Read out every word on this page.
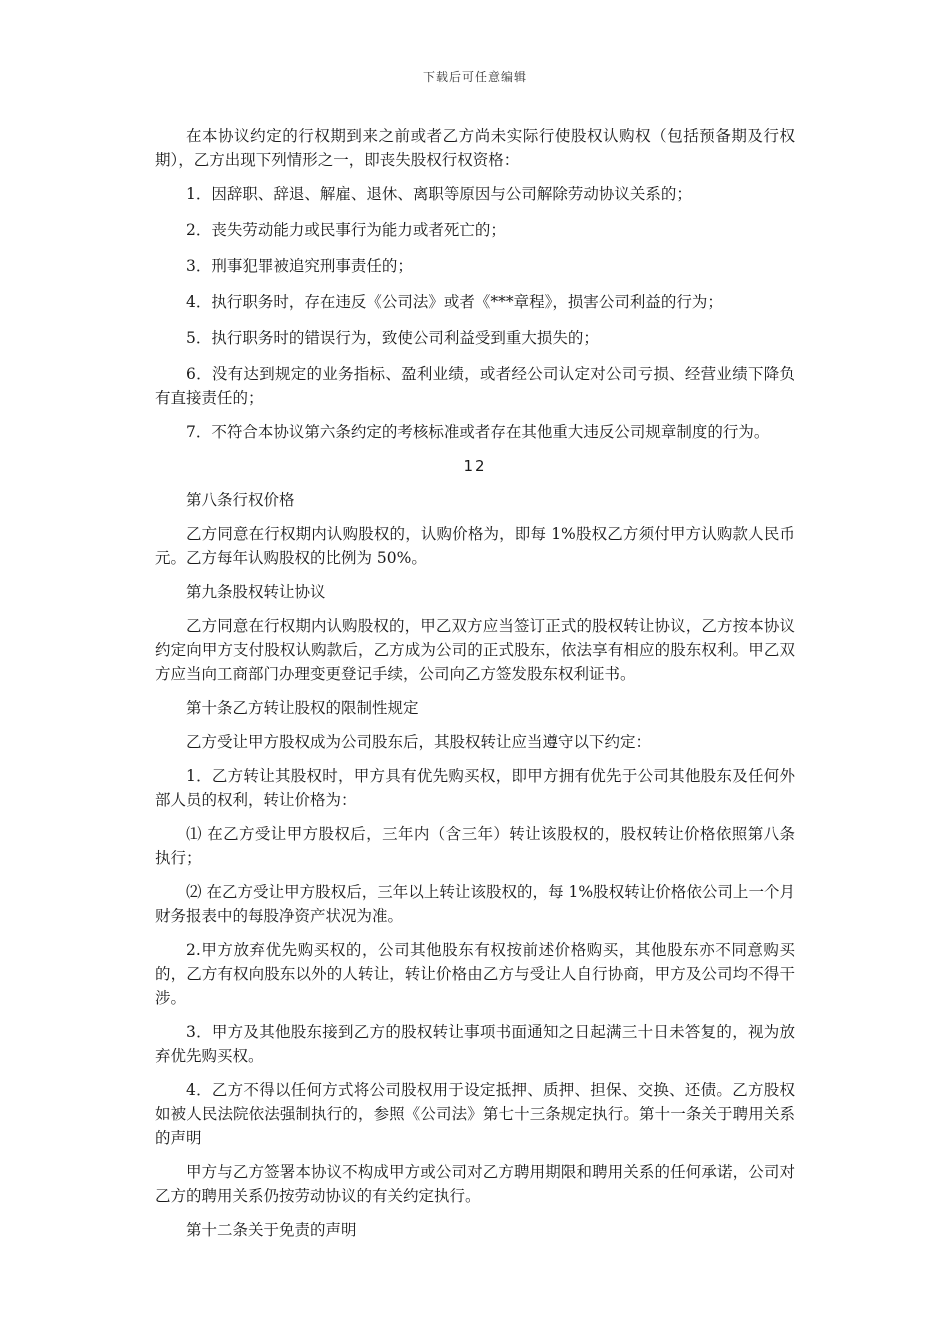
下载后可任意编辑

在本协议约定的行权期到来之前或者乙方尚未实际行使股权认购权（包括预备期及行权期），乙方出现下列情形之一，即丧失股权行权资格：

1．因辞职、辞退、解雇、退休、离职等原因与公司解除劳动协议关系的；

2．丧失劳动能力或民事行为能力或者死亡的；

3．刑事犯罪被追究刑事责任的；

4．执行职务时，存在违反《公司法》或者《***章程》，损害公司利益的行为；

5．执行职务时的错误行为，致使公司利益受到重大损失的；

6．没有达到规定的业务指标、盈利业绩，或者经公司认定对公司亏损、经营业绩下降负有直接责任的；

7．不符合本协议第六条约定的考核标准或者存在其他重大违反公司规章制度的行为。

12

第八条行权价格

乙方同意在行权期内认购股权的，认购价格为，即每 1%股权乙方须付甲方认购款人民币元。乙方每年认购股权的比例为 50%。

第九条股权转让协议

乙方同意在行权期内认购股权的，甲乙双方应当签订正式的股权转让协议，乙方按本协议约定向甲方支付股权认购款后，乙方成为公司的正式股东，依法享有相应的股东权利。甲乙双方应当向工商部门办理变更登记手续，公司向乙方签发股东权利证书。

第十条乙方转让股权的限制性规定

乙方受让甲方股权成为公司股东后，其股权转让应当遵守以下约定：

1．乙方转让其股权时，甲方具有优先购买权，即甲方拥有优先于公司其他股东及任何外部人员的权利，转让价格为：

⑴ 在乙方受让甲方股权后，三年内（含三年）转让该股权的，股权转让价格依照第八条执行；

⑵ 在乙方受让甲方股权后，三年以上转让该股权的，每 1%股权转让价格依公司上一个月财务报表中的每股净资产状况为准。

2.甲方放弃优先购买权的，公司其他股东有权按前述价格购买，其他股东亦不同意购买的，乙方有权向股东以外的人转让，转让价格由乙方与受让人自行协商，甲方及公司均不得干涉。

3．甲方及其他股东接到乙方的股权转让事项书面通知之日起满三十日未答复的，视为放弃优先购买权。

4．乙方不得以任何方式将公司股权用于设定抵押、质押、担保、交换、还债。乙方股权如被人民法院依法强制执行的，参照《公司法》第七十三条规定执行。第十一条关于聘用关系的声明

甲方与乙方签署本协议不构成甲方或公司对乙方聘用期限和聘用关系的任何承诺，公司对乙方的聘用关系仍按劳动协议的有关约定执行。

第十二条关于免责的声明
